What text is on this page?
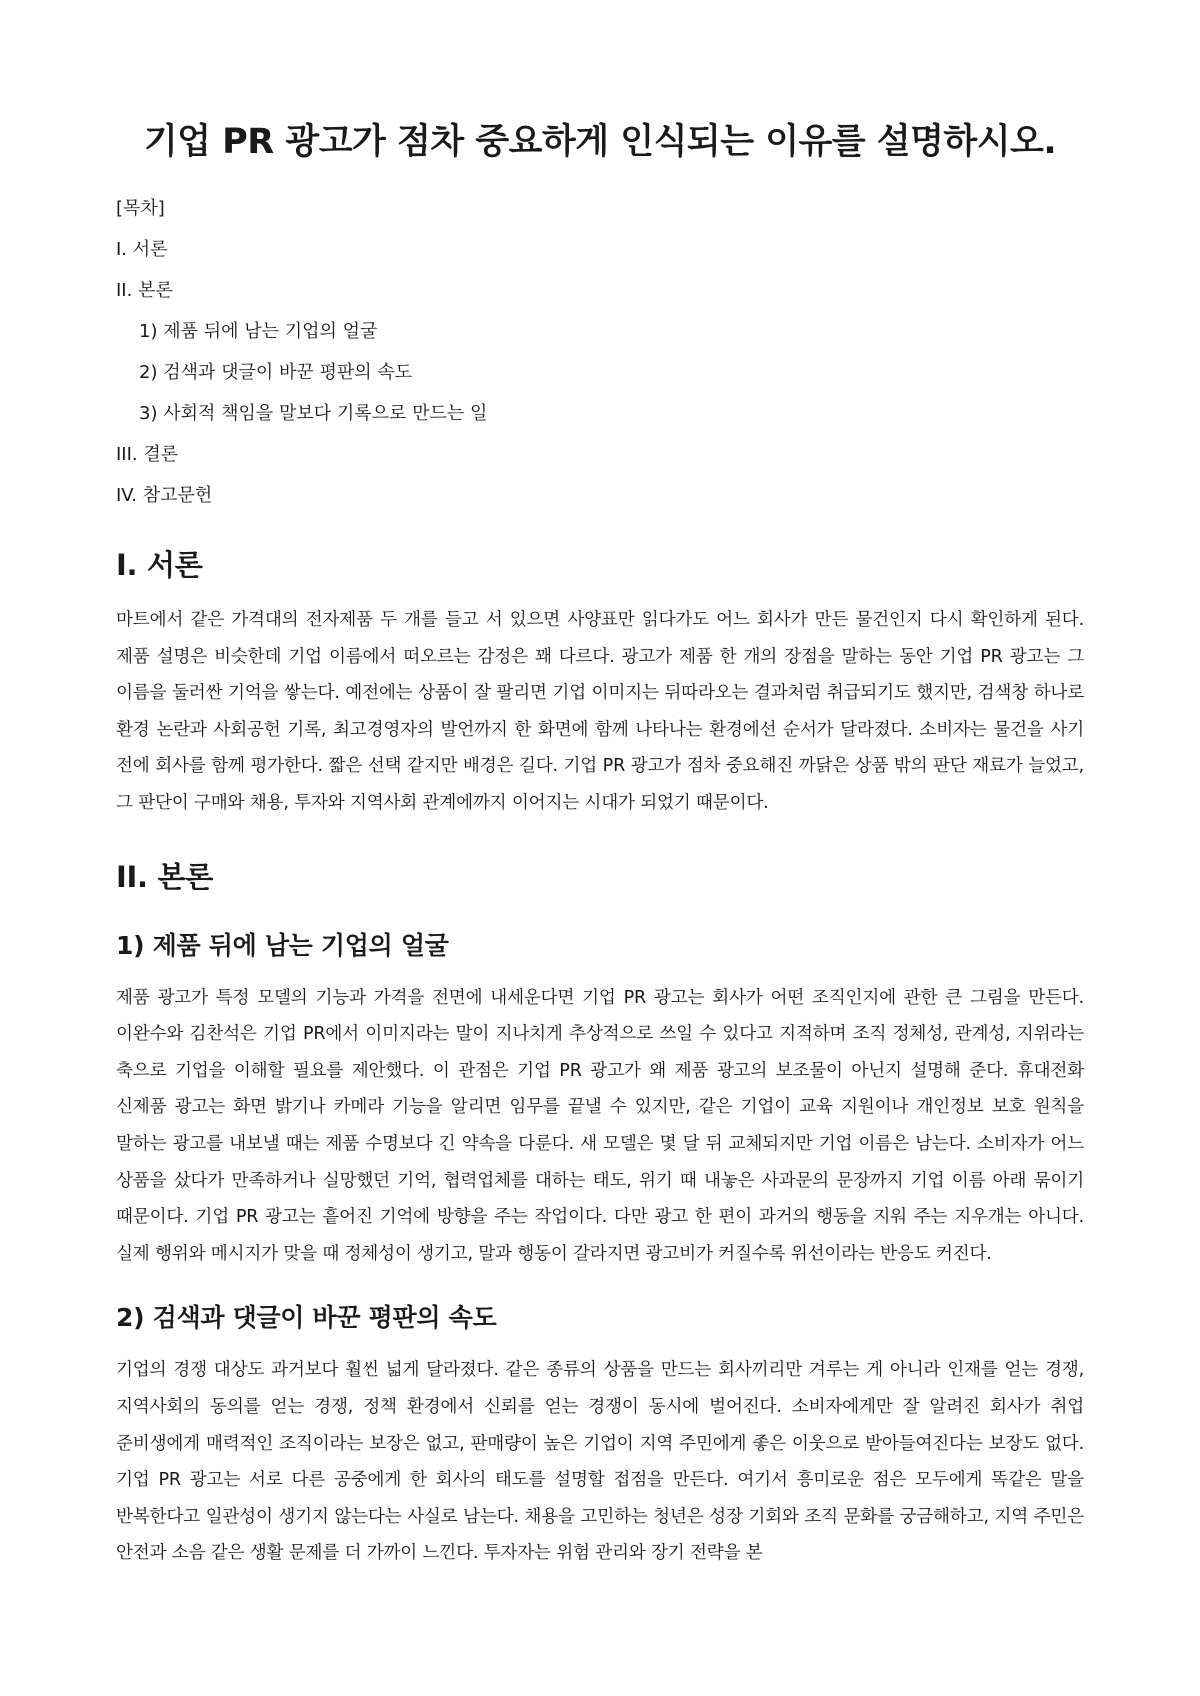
기업 PR 광고가 점차 중요하게 인식되는 이유를 설명하시오.
[목차]
I. 서론
II. 본론
1) 제품 뒤에 남는 기업의 얼굴
2) 검색과 댓글이 바꾼 평판의 속도
3) 사회적 책임을 말보다 기록으로 만드는 일
III. 결론
IV. 참고문헌
I. 서론

마트에서 같은 가격대의 전자제품 두 개를 들고 서 있으면 사양표만 읽다가도 어느 회사가 만든 물건인지 다시 확인하게 된다. 제품 설명은 비슷한데 기업 이름에서 떠오르는 감정은 꽤 다르다. 광고가 제품 한 개의 장점을 말하는 동안 기업 PR 광고는 그 이름을 둘러싼 기억을 쌓는다. 예전에는 상품이 잘 팔리면 기업 이미지는 뒤따라오는 결과처럼 취급되기도 했지만, 검색창 하나로 환경 논란과 사회공헌 기록, 최고경영자의 발언까지 한 화면에 함께 나타나는 환경에선 순서가 달라졌다. 소비자는 물건을 사기 전에 회사를 함께 평가한다. 짧은 선택 같지만 배경은 길다. 기업 PR 광고가 점차 중요해진 까닭은 상품 밖의 판단 재료가 늘었고, 그 판단이 구매와 채용, 투자와 지역사회 관계에까지 이어지는 시대가 되었기 때문이다.

II. 본론
1) 제품 뒤에 남는 기업의 얼굴

제품 광고가 특정 모델의 기능과 가격을 전면에 내세운다면 기업 PR 광고는 회사가 어떤 조직인지에 관한 큰 그림을 만든다. 이완수와 김찬석은 기업 PR에서 이미지라는 말이 지나치게 추상적으로 쓰일 수 있다고 지적하며 조직 정체성, 관계성, 지위라는 축으로 기업을 이해할 필요를 제안했다. 이 관점은 기업 PR 광고가 왜 제품 광고의 보조물이 아닌지 설명해 준다. 휴대전화 신제품 광고는 화면 밝기나 카메라 기능을 알리면 임무를 끝낼 수 있지만, 같은 기업이 교육 지원이나 개인정보 보호 원칙을 말하는 광고를 내보낼 때는 제품 수명보다 긴 약속을 다룬다. 새 모델은 몇 달 뒤 교체되지만 기업 이름은 남는다. 소비자가 어느 상품을 샀다가 만족하거나 실망했던 기억, 협력업체를 대하는 태도, 위기 때 내놓은 사과문의 문장까지 기업 이름 아래 묶이기 때문이다. 기업 PR 광고는 흩어진 기억에 방향을 주는 작업이다. 다만 광고 한 편이 과거의 행동을 지워 주는 지우개는 아니다. 실제 행위와 메시지가 맞을 때 정체성이 생기고, 말과 행동이 갈라지면 광고비가 커질수록 위선이라는 반응도 커진다.

2) 검색과 댓글이 바꾼 평판의 속도

기업의 경쟁 대상도 과거보다 훨씬 넓게 달라졌다. 같은 종류의 상품을 만드는 회사끼리만 겨루는 게 아니라 인재를 얻는 경쟁, 지역사회의 동의를 얻는 경쟁, 정책 환경에서 신뢰를 얻는 경쟁이 동시에 벌어진다. 소비자에게만 잘 알려진 회사가 취업 준비생에게 매력적인 조직이라는 보장은 없고, 판매량이 높은 기업이 지역 주민에게 좋은 이웃으로 받아들여진다는 보장도 없다. 기업 PR 광고는 서로 다른 공중에게 한 회사의 태도를 설명할 접점을 만든다. 여기서 흥미로운 점은 모두에게 똑같은 말을 반복한다고 일관성이 생기지 않는다는 사실로 남는다. 채용을 고민하는 청년은 성장 기회와 조직 문화를 궁금해하고, 지역 주민은 안전과 소음 같은 생활 문제를 더 가까이 느낀다. 투자자는 위험 관리와 장기 전략을 본
